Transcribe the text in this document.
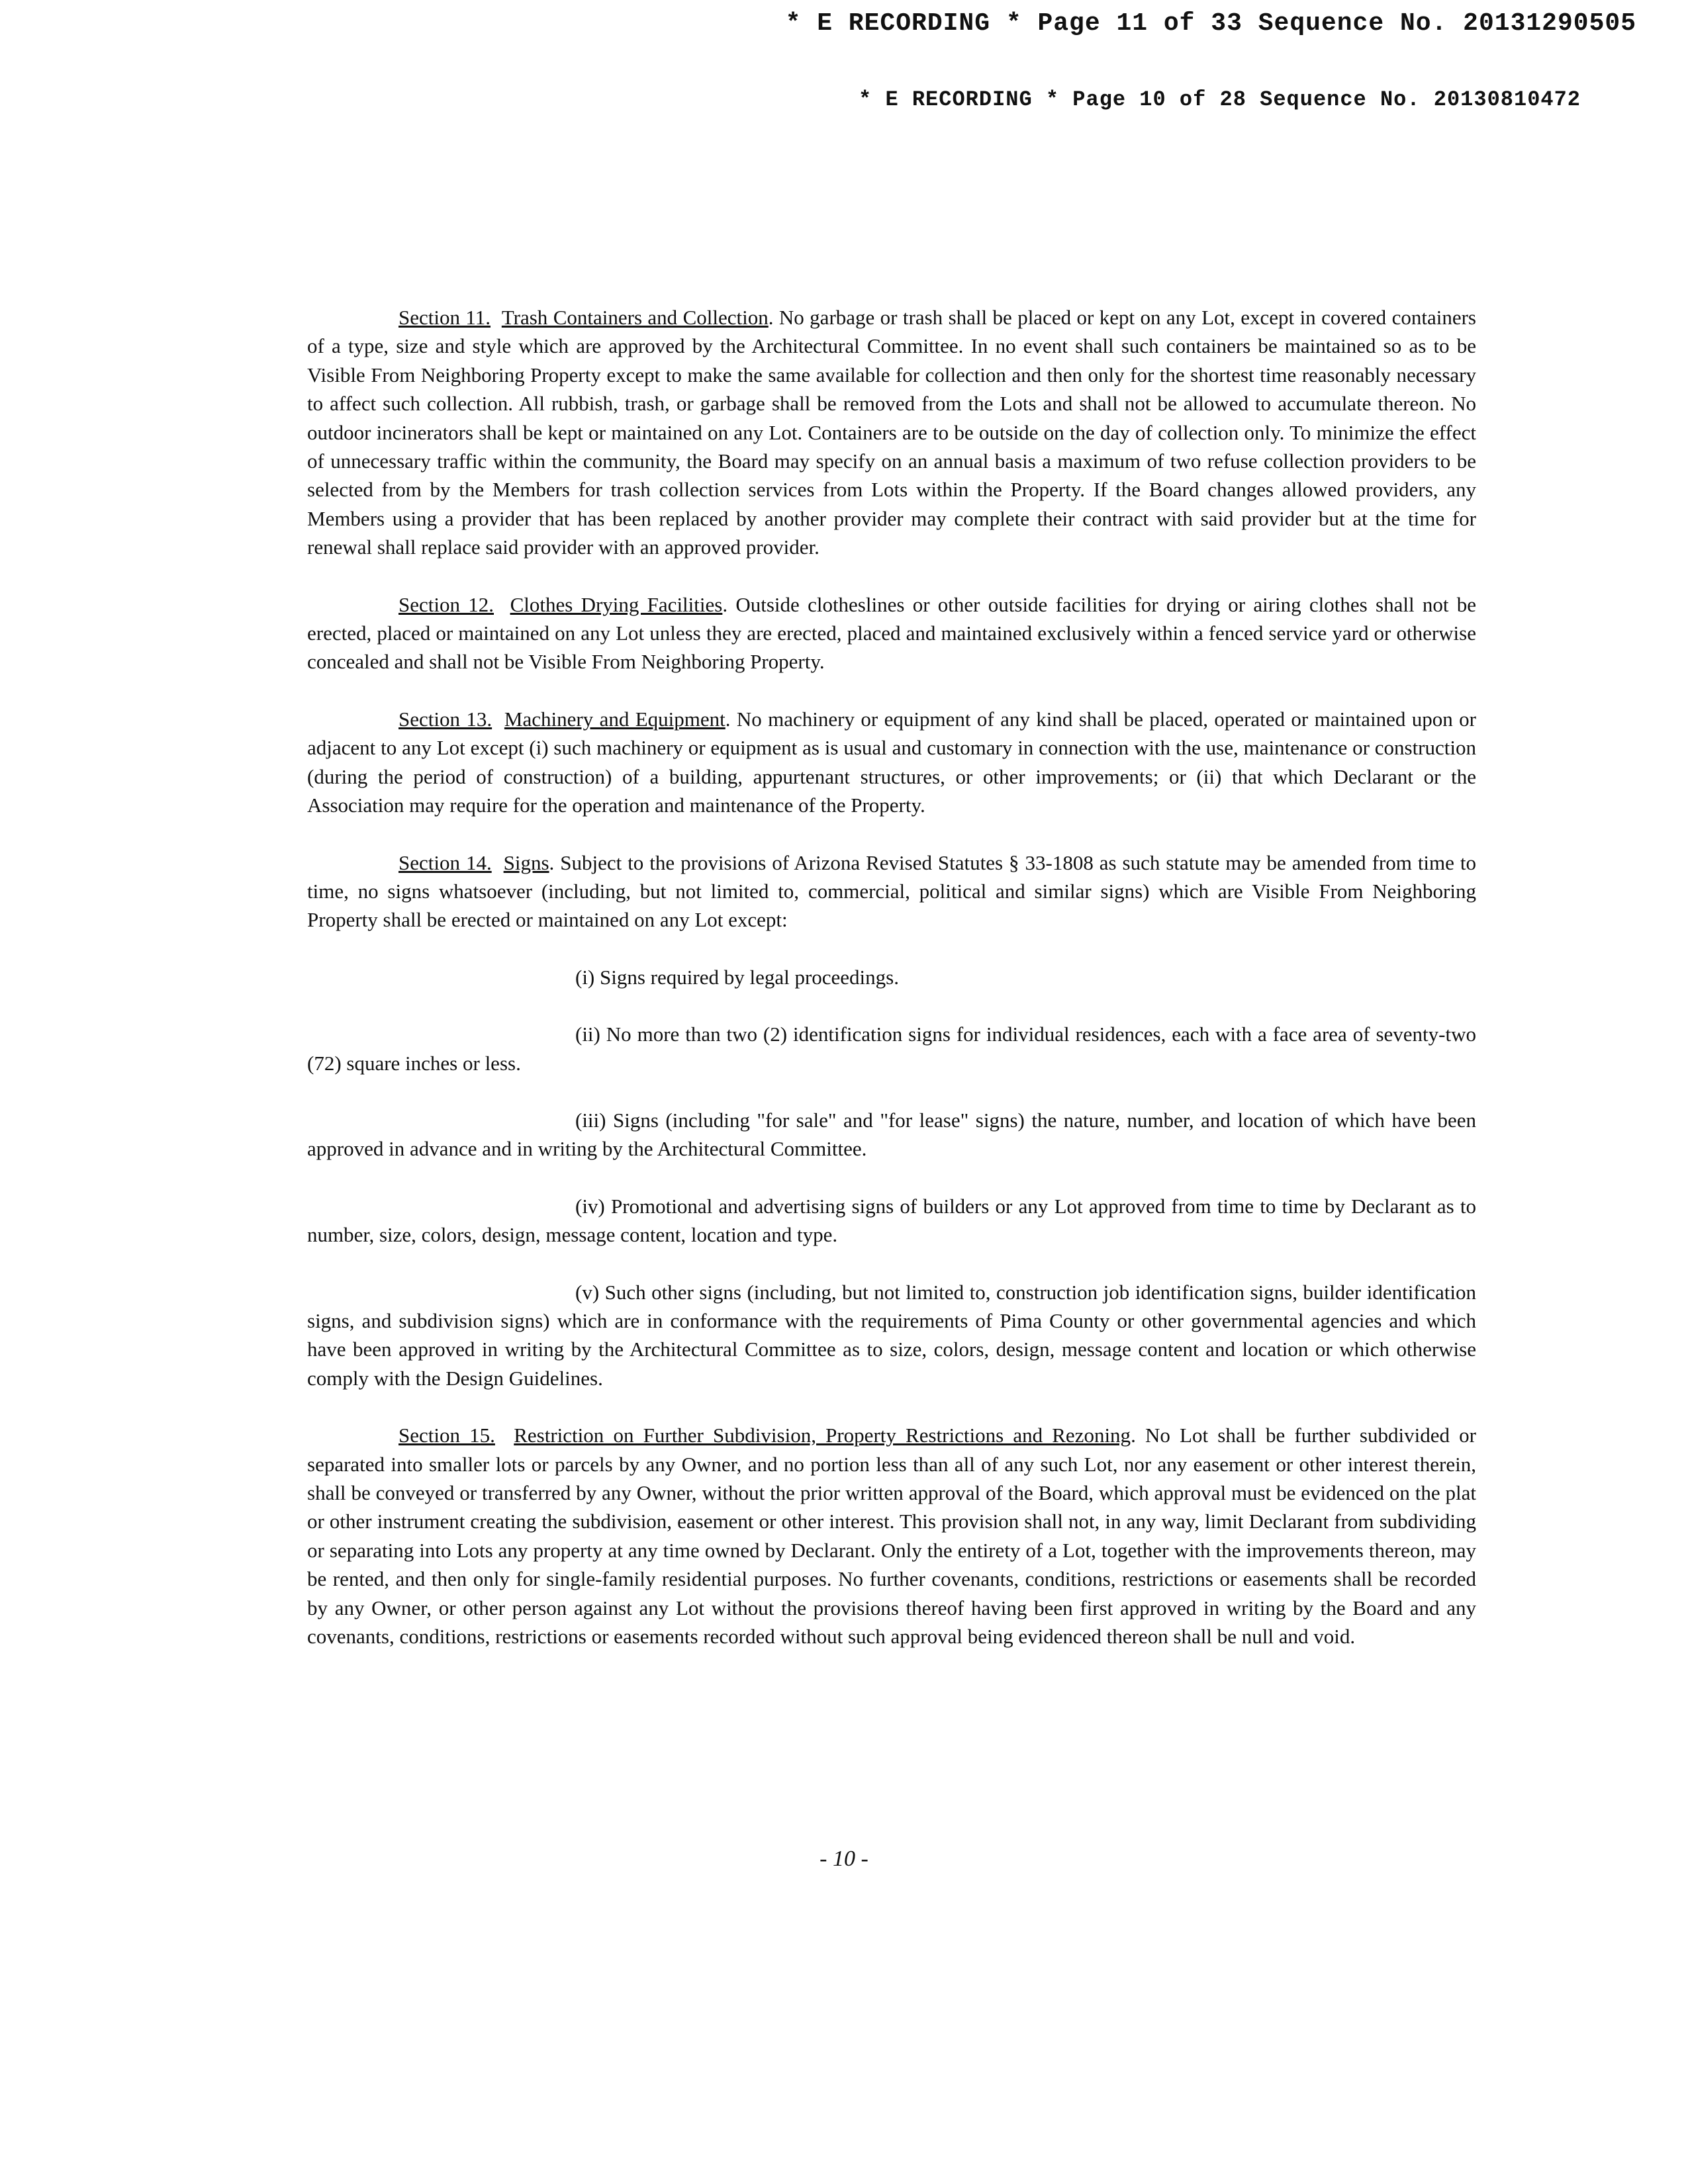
* E RECORDING * Page 11 of 33 Sequence No. 20131290505
* E RECORDING * Page 10 of 28 Sequence No. 20130810472

Section 11. Trash Containers and Collection. No garbage or trash shall be placed or kept on any Lot, except in covered containers of a type, size and style which are approved by the Architectural Committee. In no event shall such containers be maintained so as to be Visible From Neighboring Property except to make the same available for collection and then only for the shortest time reasonably necessary to affect such collection. All rubbish, trash, or garbage shall be removed from the Lots and shall not be allowed to accumulate thereon. No outdoor incinerators shall be kept or maintained on any Lot. Containers are to be outside on the day of collection only. To minimize the effect of unnecessary traffic within the community, the Board may specify on an annual basis a maximum of two refuse collection providers to be selected from by the Members for trash collection services from Lots within the Property. If the Board changes allowed providers, any Members using a provider that has been replaced by another provider may complete their contract with said provider but at the time for renewal shall replace said provider with an approved provider.

Section 12. Clothes Drying Facilities. Outside clotheslines or other outside facilities for drying or airing clothes shall not be erected, placed or maintained on any Lot unless they are erected, placed and maintained exclusively within a fenced service yard or otherwise concealed and shall not be Visible From Neighboring Property.

Section 13. Machinery and Equipment. No machinery or equipment of any kind shall be placed, operated or maintained upon or adjacent to any Lot except (i) such machinery or equipment as is usual and customary in connection with the use, maintenance or construction (during the period of construction) of a building, appurtenant structures, or other improvements; or (ii) that which Declarant or the Association may require for the operation and maintenance of the Property.

Section 14. Signs. Subject to the provisions of Arizona Revised Statutes § 33-1808 as such statute may be amended from time to time, no signs whatsoever (including, but not limited to, commercial, political and similar signs) which are Visible From Neighboring Property shall be erected or maintained on any Lot except:

(i) Signs required by legal proceedings.

(ii) No more than two (2) identification signs for individual residences, each with a face area of seventy-two (72) square inches or less.

(iii) Signs (including "for sale" and "for lease" signs) the nature, number, and location of which have been approved in advance and in writing by the Architectural Committee.

(iv) Promotional and advertising signs of builders or any Lot approved from time to time by Declarant as to number, size, colors, design, message content, location and type.

(v) Such other signs (including, but not limited to, construction job identification signs, builder identification signs, and subdivision signs) which are in conformance with the requirements of Pima County or other governmental agencies and which have been approved in writing by the Architectural Committee as to size, colors, design, message content and location or which otherwise comply with the Design Guidelines.

Section 15. Restriction on Further Subdivision, Property Restrictions and Rezoning. No Lot shall be further subdivided or separated into smaller lots or parcels by any Owner, and no portion less than all of any such Lot, nor any easement or other interest therein, shall be conveyed or transferred by any Owner, without the prior written approval of the Board, which approval must be evidenced on the plat or other instrument creating the subdivision, easement or other interest. This provision shall not, in any way, limit Declarant from subdividing or separating into Lots any property at any time owned by Declarant. Only the entirety of a Lot, together with the improvements thereon, may be rented, and then only for single-family residential purposes. No further covenants, conditions, restrictions or easements shall be recorded by any Owner, or other person against any Lot without the provisions thereof having been first approved in writing by the Board and any covenants, conditions, restrictions or easements recorded without such approval being evidenced thereon shall be null and void.

- 10 -
